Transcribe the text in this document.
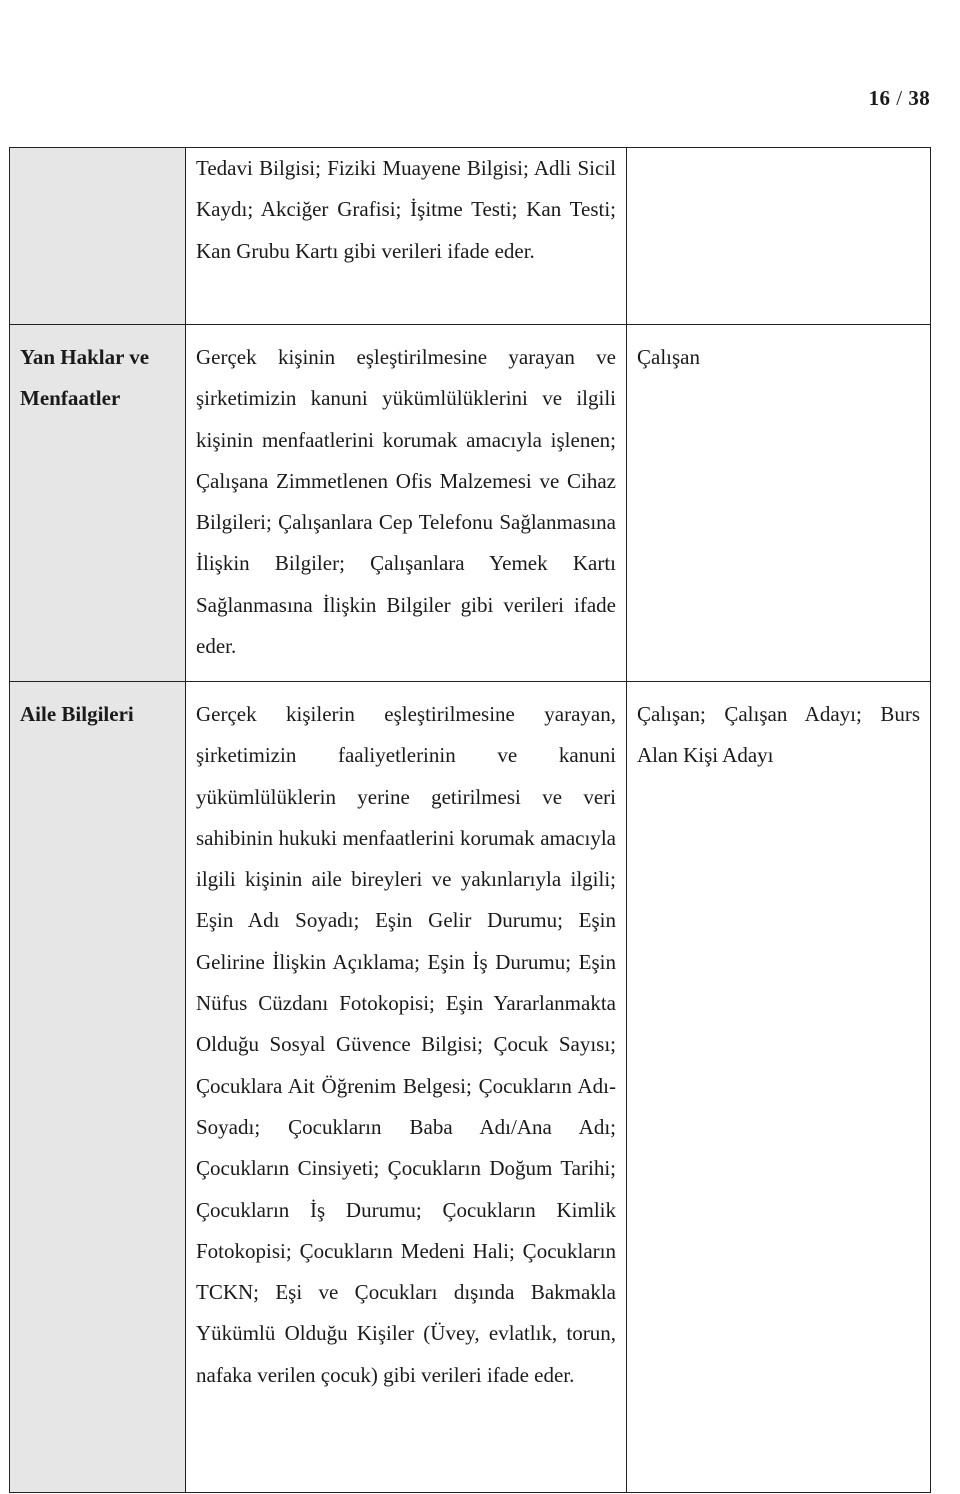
16 / 38

	Tedavi Bilgisi; Fiziki Muayene Bilgisi; Adli Sicil Kaydı; Akciğer Grafisi; İşitme Testi; Kan Testi; Kan Grubu Kartı gibi verileri ifade eder.	

Yan Haklar ve Menfaatler	Gerçek kişinin eşleştirilmesine yarayan ve şirketimizin kanuni yükümlülüklerini ve ilgili kişinin menfaatlerini korumak amacıyla işlenen; Çalışana Zimmetlenen Ofis Malzemesi ve Cihaz Bilgileri; Çalışanlara Cep Telefonu Sağlanmasına İlişkin Bilgiler; Çalışanlara Yemek Kartı Sağlanmasına İlişkin Bilgiler gibi verileri ifade eder.	Çalışan
Aile Bilgileri	Gerçek kişilerin eşleştirilmesine yarayan, şirketimizin faaliyetlerinin ve kanuni yükümlülüklerin yerine getirilmesi ve veri sahibinin hukuki menfaatlerini korumak amacıyla ilgili kişinin aile bireyleri ve yakınlarıyla ilgili; Eşin Adı Soyadı; Eşin Gelir Durumu; Eşin Gelirine İlişkin Açıklama; Eşin İş Durumu; Eşin Nüfus Cüzdanı Fotokopisi; Eşin Yararlanmakta Olduğu Sosyal Güvence Bilgisi; Çocuk Sayısı; Çocuklara Ait Öğrenim Belgesi; Çocukların Adı-Soyadı; Çocukların Baba Adı/Ana Adı; Çocukların Cinsiyeti; Çocukların Doğum Tarihi; Çocukların İş Durumu; Çocukların Kimlik Fotokopisi; Çocukların Medeni Hali; Çocukların TCKN; Eşi ve Çocukları dışında Bakmakla Yükümlü Olduğu Kişiler (Üvey, evlatlık, torun, nafaka verilen çocuk) gibi verileri ifade eder.	Çalışan; Çalışan Adayı; Burs Alan Kişi Adayı
